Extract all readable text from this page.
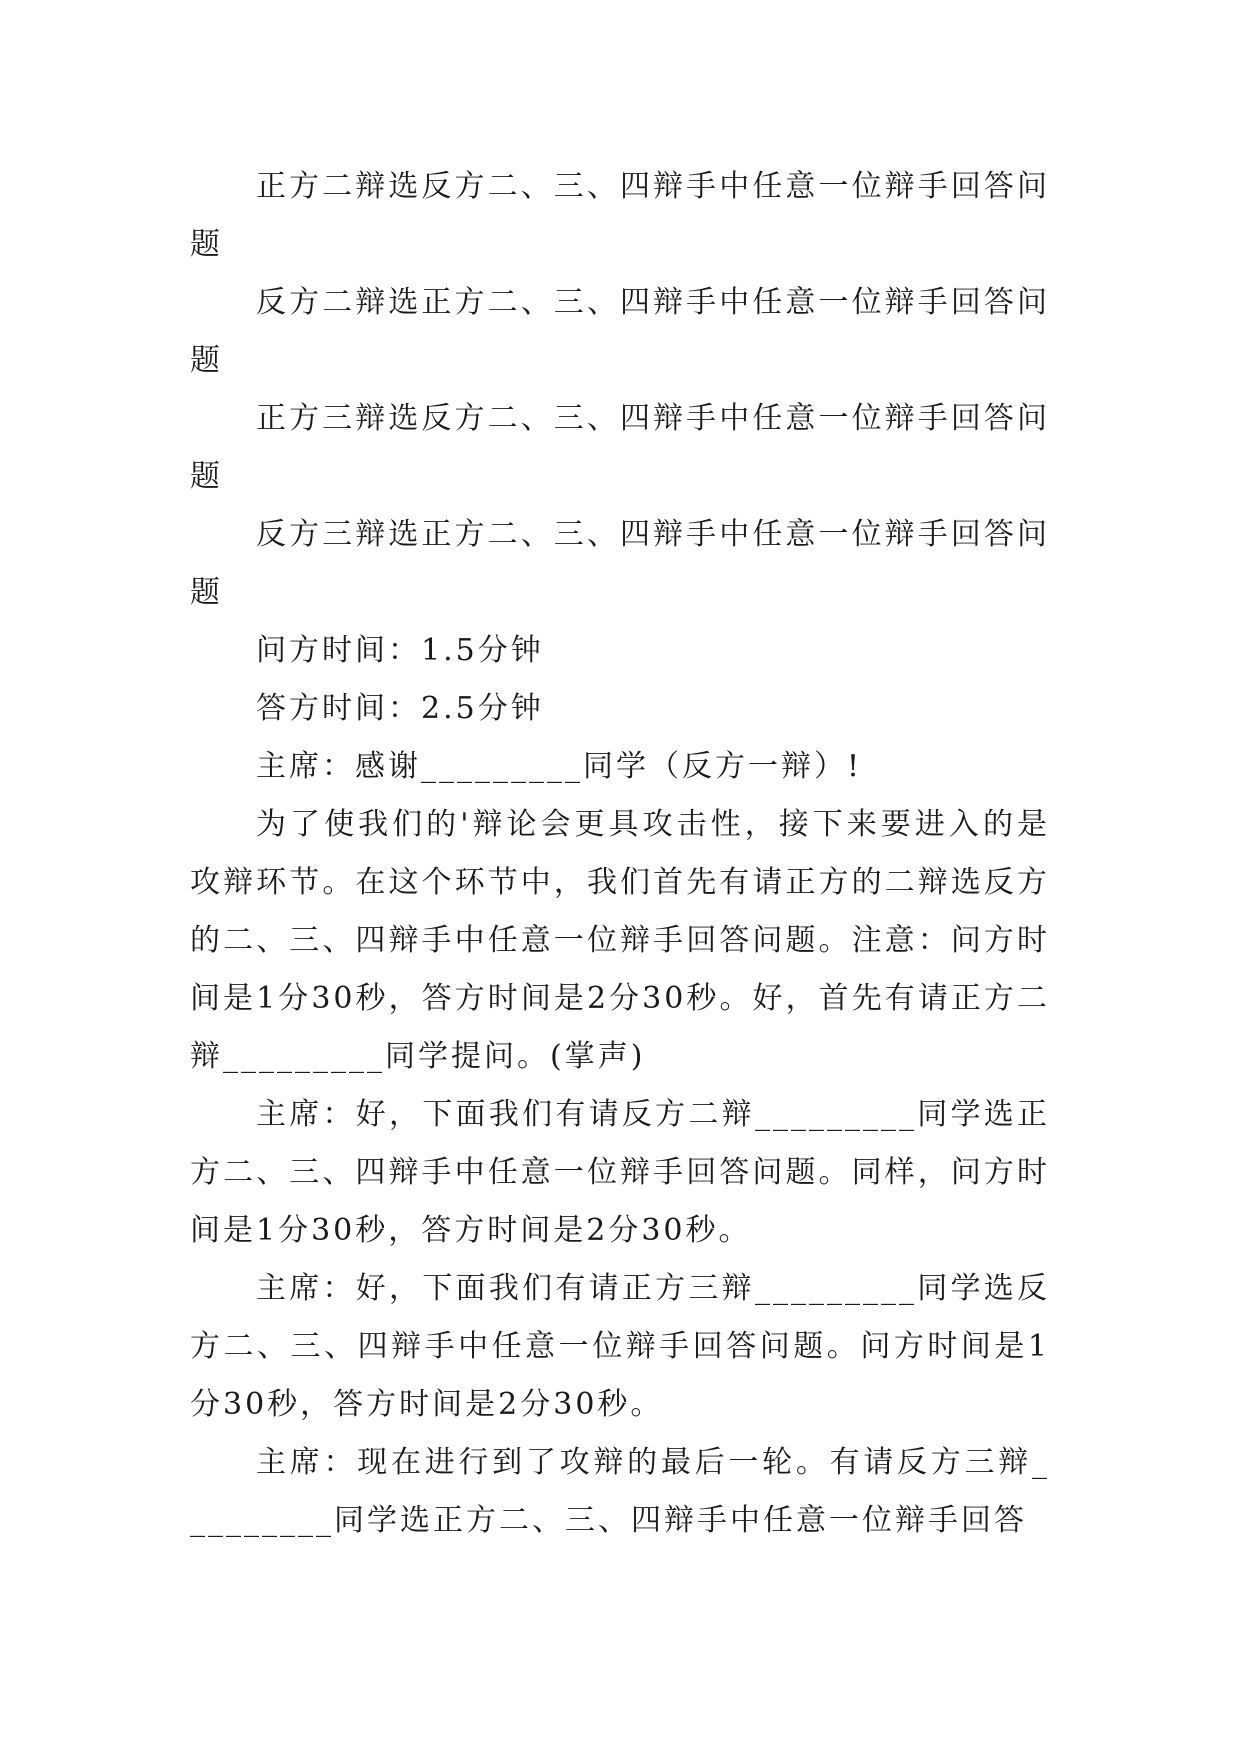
正方二辩选反方二、三、四辩手中任意一位辩手回答问题

反方二辩选正方二、三、四辩手中任意一位辩手回答问题

正方三辩选反方二、三、四辩手中任意一位辩手回答问题

反方三辩选正方二、三、四辩手中任意一位辩手回答问题

问方时间：1.5分钟

答方时间：2.5分钟

主席：感谢_________同学（反方一辩）!

为了使我们的'辩论会更具攻击性，接下来要进入的是攻辩环节。在这个环节中，我们首先有请正方的二辩选反方的二、三、四辩手中任意一位辩手回答问题。注意：问方时间是1分30秒，答方时间是2分30秒。好，首先有请正方二辩_________同学提问。(掌声)

主席：好，下面我们有请反方二辩_________同学选正方二、三、四辩手中任意一位辩手回答问题。同样，问方时间是1分30秒，答方时间是2分30秒。

主席：好，下面我们有请正方三辩_________同学选反方二、三、四辩手中任意一位辩手回答问题。问方时间是1分30秒，答方时间是2分30秒。

主席：现在进行到了攻辩的最后一轮。有请反方三辩_________同学选正方二、三、四辩手中任意一位辩手回答
